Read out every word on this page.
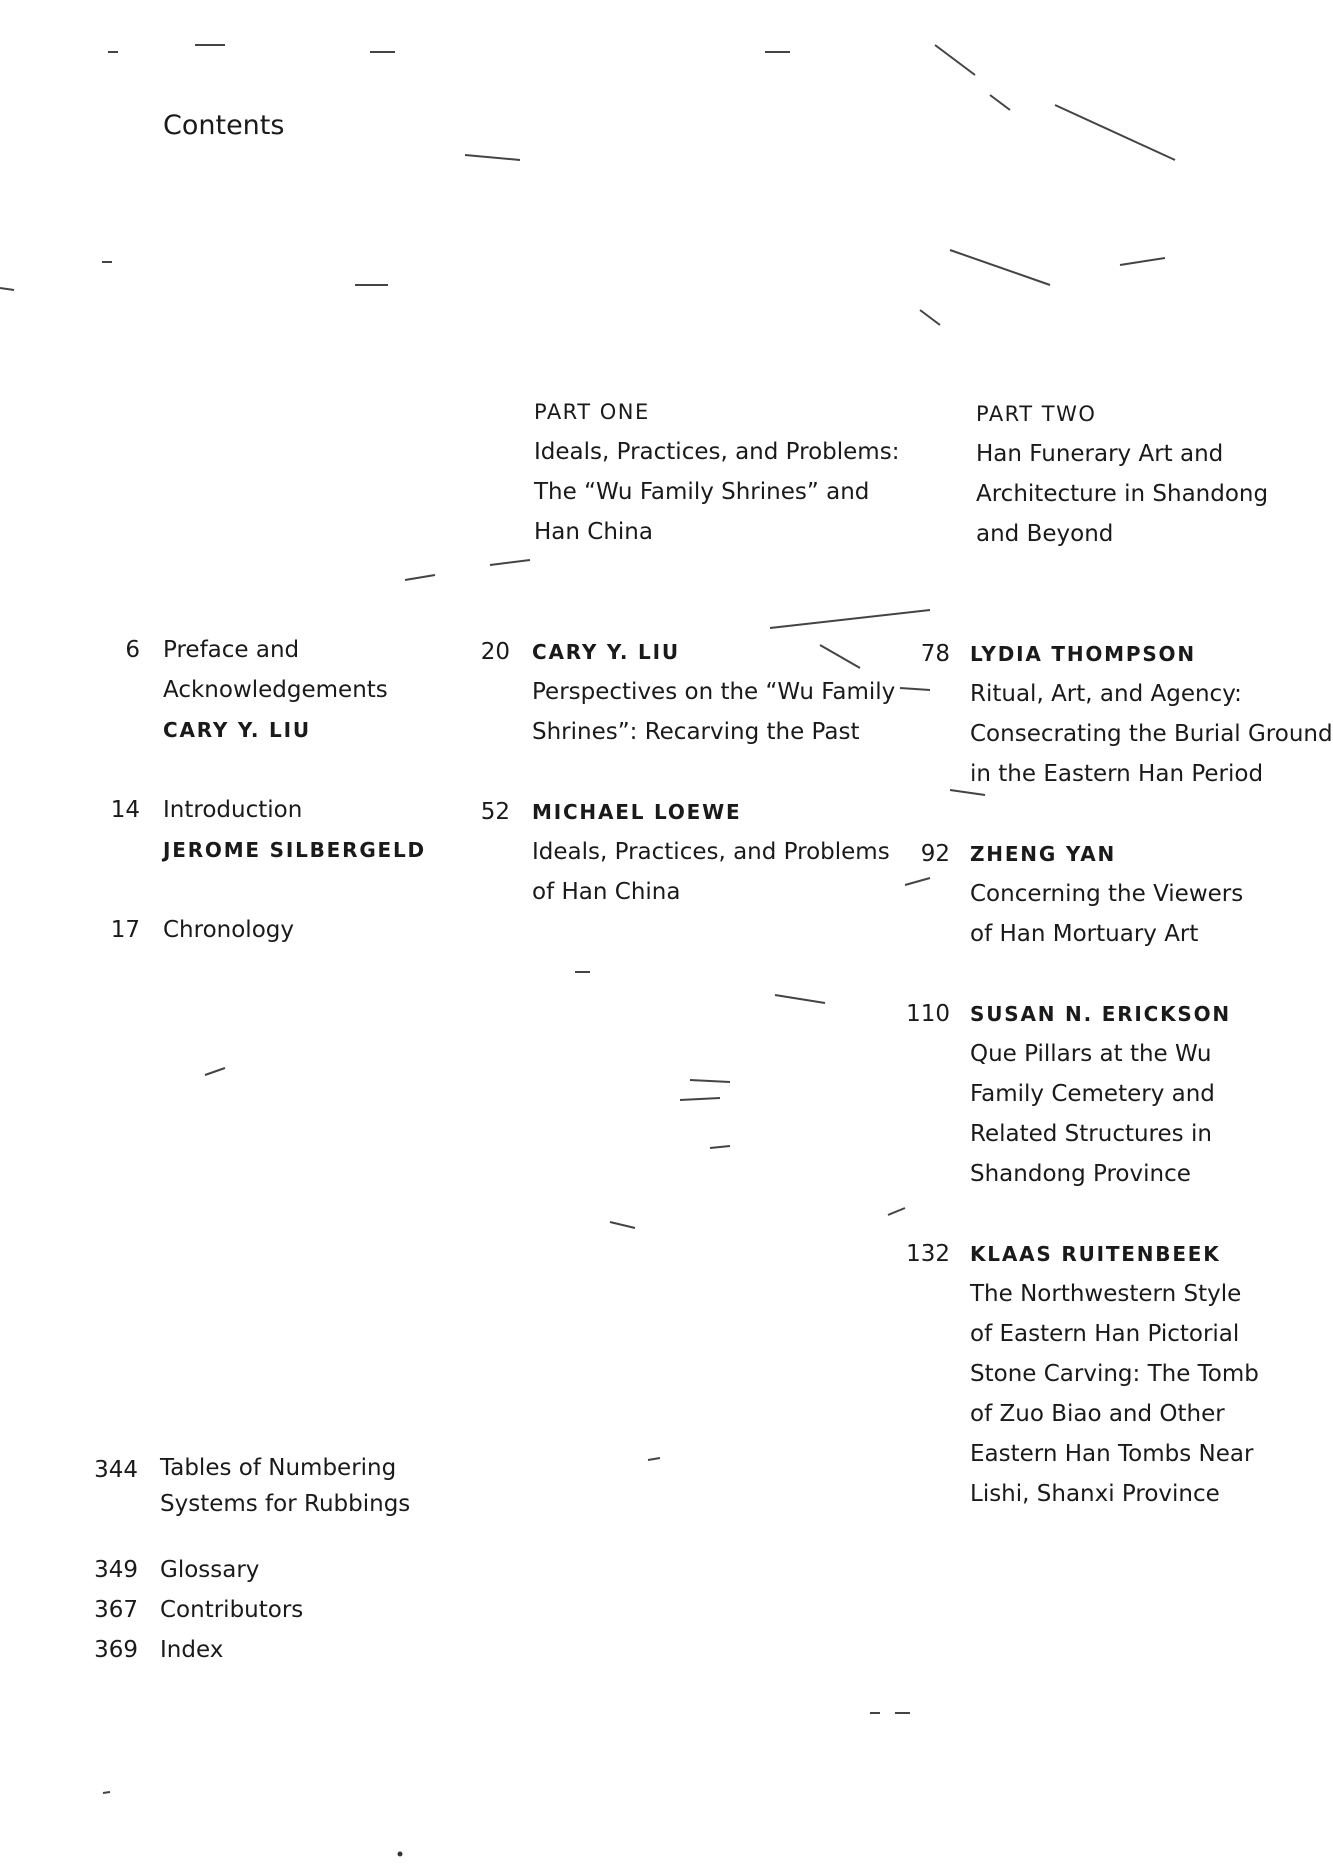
Contents
PART ONE
Ideals, Practices, and Problems:
The “Wu Family Shrines” and
Han China
PART TWO
Han Funerary Art and
Architecture in Shandong
and Beyond
6 Preface and
Acknowledgements
CARY Y. LIU
14 Introduction
JEROME SILBERGELD
17 Chronology
20 CARY Y. LIU
Perspectives on the “Wu Family
Shrines”: Recarving the Past
52 MICHAEL LOEWE
Ideals, Practices, and Problems
of Han China
78 LYDIA THOMPSON
Ritual, Art, and Agency:
Consecrating the Burial Ground
in the Eastern Han Period
92 ZHENG YAN
Concerning the Viewers
of Han Mortuary Art
110 SUSAN N. ERICKSON
Que Pillars at the Wu
Family Cemetery and
Related Structures in
Shandong Province
132 KLAAS RUITENBEEK
The Northwestern Style
of Eastern Han Pictorial
Stone Carving: The Tomb
of Zuo Biao and Other
Eastern Han Tombs Near
Lishi, Shanxi Province
344 Tables of Numbering
Systems for Rubbings
349 Glossary
367 Contributors
369 Index
